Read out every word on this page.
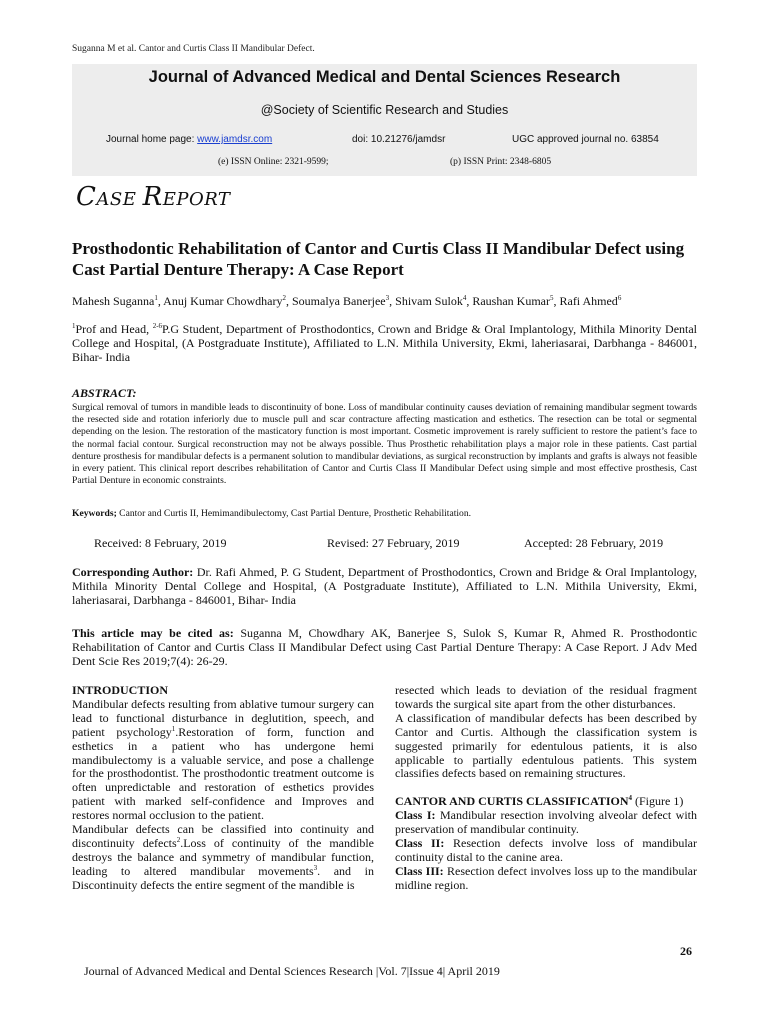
Suganna M et al. Cantor and Curtis Class II Mandibular Defect.
Journal of Advanced Medical and Dental Sciences Research
@Society of Scientific Research and Studies
Journal home page: www.jamdsr.com	doi: 10.21276/jamdsr	UGC approved journal no. 63854
(e) ISSN Online: 2321-9599;	(p) ISSN Print: 2348-6805
CASE REPORT
Prosthodontic Rehabilitation of Cantor and Curtis Class II Mandibular Defect using Cast Partial Denture Therapy: A Case Report
Mahesh Suganna$^1$, Anuj Kumar Chowdhary$^2$, Soumalya Banerjee$^3$, Shivam Sulok$^4$, Raushan Kumar$^5$, Rafi Ahmed$^6$
$^1$Prof and Head, $^{2-6}$P.G Student, Department of Prosthodontics, Crown and Bridge & Oral Implantology, Mithila Minority Dental College and Hospital, (A Postgraduate Institute), Affiliated to L.N. Mithila University, Ekmi, laheriasarai, Darbhanga - 846001, Bihar- India
ABSTRACT:
Surgical removal of tumors in mandible leads to discontinuity of bone. Loss of mandibular continuity causes deviation of remaining mandibular segment towards the resected side and rotation inferiorly due to muscle pull and scar contracture affecting mastication and esthetics. The resection can be total or segmental depending on the lesion. The restoration of the masticatory function is most important. Cosmetic improvement is rarely sufficient to restore the patient’s face to the normal facial contour. Surgical reconstruction may not be always possible. Thus Prosthetic rehabilitation plays a major role in these patients. Cast partial denture prosthesis for mandibular defects is a permanent solution to mandibular deviations, as surgical reconstruction by implants and grafts is always not feasible in every patient. This clinical report describes rehabilitation of Cantor and Curtis Class II Mandibular Defect using simple and most effective prosthesis, Cast Partial Denture in economic constraints.
Keywords; Cantor and Curtis II, Hemimandibulectomy, Cast Partial Denture, Prosthetic Rehabilitation.
Received: 8 February, 2019	Revised: 27 February, 2019	Accepted: 28 February, 2019
Corresponding Author: Dr. Rafi Ahmed, P. G Student, Department of Prosthodontics, Crown and Bridge & Oral Implantology, Mithila Minority Dental College and Hospital, (A Postgraduate Institute), Affiliated to L.N. Mithila University, Ekmi, laheriasarai, Darbhanga - 846001, Bihar- India
This article may be cited as: Suganna M, Chowdhary AK, Banerjee S, Sulok S, Kumar R, Ahmed R. Prosthodontic Rehabilitation of Cantor and Curtis Class II Mandibular Defect using Cast Partial Denture Therapy: A Case Report. J Adv Med Dent Scie Res 2019;7(4): 26-29.

INTRODUCTION

Mandibular defects resulting from ablative tumour surgery can lead to functional disturbance in deglutition, speech, and patient psychology$^1$.Restoration of form, function and esthetics in a patient who has undergone hemi mandibulectomy is a valuable service, and pose a challenge for the prosthodontist. The prosthodontic treatment outcome is often unpredictable and restoration of esthetics provides patient with marked self-confidence and Improves and restores normal occlusion to the patient.

Mandibular defects can be classified into continuity and discontinuity defects$^2$.Loss of continuity of the mandible destroys the balance and symmetry of mandibular function, leading to altered mandibular movements$^3$. and in Discontinuity defects the entire segment of the mandible is

resected which leads to deviation of the residual fragment towards the surgical site apart from the other disturbances.

A classification of mandibular defects has been described by Cantor and Curtis. Although the classification system is suggested primarily for edentulous patients, it is also applicable to partially edentulous patients. This system classifies defects based on remaining structures.

CANTOR AND CURTIS CLASSIFICATION$^4$ (Figure 1)

Class I: Mandibular resection involving alveolar defect with preservation of mandibular continuity.

Class II: Resection defects involve loss of mandibular continuity distal to the canine area.

Class III: Resection defect involves loss up to the mandibular midline region.

26
Journal of Advanced Medical and Dental Sciences Research |Vol. 7|Issue 4| April 2019
